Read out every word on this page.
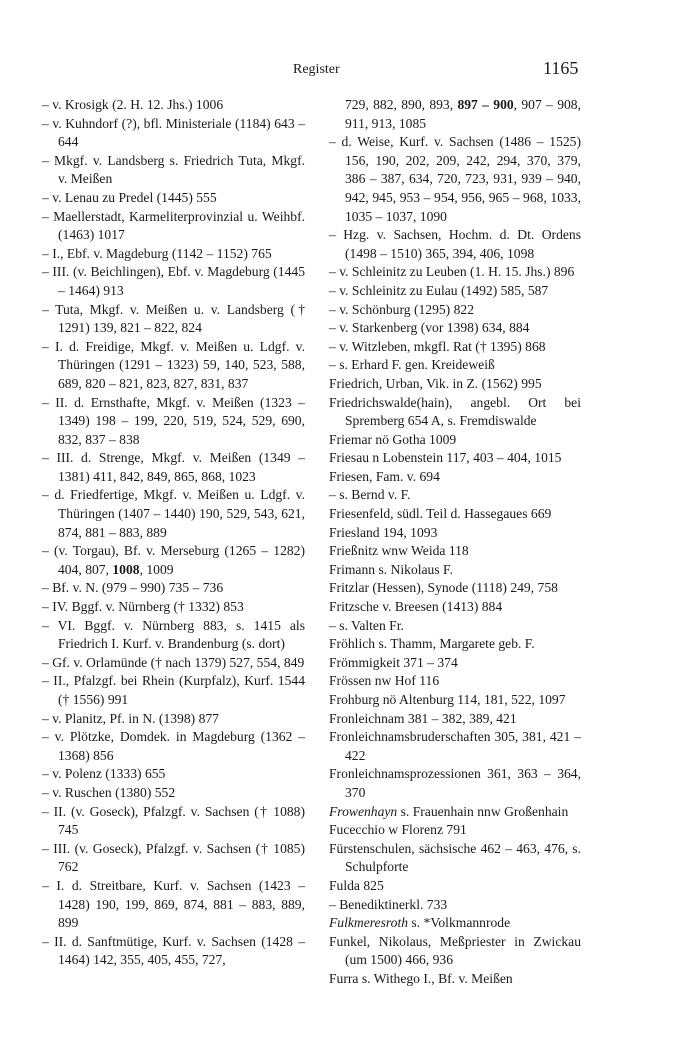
Register	1165

– v. Krosigk (2. H. 12. Jhs.) 1006

– v. Kuhndorf (?), bfl. Ministeriale (1184) 643 – 644

– Mkgf. v. Landsberg s. Friedrich Tuta, Mkgf. v. Meißen

– v. Lenau zu Predel (1445) 555

– Maellerstadt, Karmeliterprovinzial u. Weihbf. (1463) 1017

– I., Ebf. v. Magdeburg (1142 – 1152) 765

– III. (v. Beichlingen), Ebf. v. Magdeburg (1445 – 1464) 913

– Tuta, Mkgf. v. Meißen u. v. Landsberg († 1291) 139, 821 – 822, 824

– I. d. Freidige, Mkgf. v. Meißen u. Ldgf. v. Thüringen (1291 – 1323) 59, 140, 523, 588, 689, 820 – 821, 823, 827, 831, 837

– II. d. Ernsthafte, Mkgf. v. Meißen (1323 – 1349) 198 – 199, 220, 519, 524, 529, 690, 832, 837 – 838

– III. d. Strenge, Mkgf. v. Meißen (1349 – 1381) 411, 842, 849, 865, 868, 1023

– d. Friedfertige, Mkgf. v. Meißen u. Ldgf. v. Thüringen (1407 – 1440) 190, 529, 543, 621, 874, 881 – 883, 889

– (v. Torgau), Bf. v. Merseburg (1265 – 1282) 404, 807, 1008, 1009

– Bf. v. N. (979 – 990) 735 – 736

– IV. Bggf. v. Nürnberg († 1332) 853

– VI. Bggf. v. Nürnberg 883, s. 1415 als Friedrich I. Kurf. v. Brandenburg (s. dort)

– Gf. v. Orlamünde († nach 1379) 527, 554, 849

– II., Pfalzgf. bei Rhein (Kurpfalz), Kurf. 1544 († 1556) 991

– v. Planitz, Pf. in N. (1398) 877

– v. Plötzke, Domdek. in Magdeburg (1362 – 1368) 856

– v. Polenz (1333) 655

– v. Ruschen (1380) 552

– II. (v. Goseck), Pfalzgf. v. Sachsen († 1088) 745

– III. (v. Goseck), Pfalzgf. v. Sachsen († 1085) 762

– I. d. Streitbare, Kurf. v. Sachsen (1423 – 1428) 190, 199, 869, 874, 881 – 883, 889, 899

– II. d. Sanftmütige, Kurf. v. Sachsen (1428 – 1464) 142, 355, 405, 455, 727,

729, 882, 890, 893, 897 – 900, 907 – 908, 911, 913, 1085

– d. Weise, Kurf. v. Sachsen (1486 – 1525) 156, 190, 202, 209, 242, 294, 370, 379, 386 – 387, 634, 720, 723, 931, 939 – 940, 942, 945, 953 – 954, 956, 965 – 968, 1033, 1035 – 1037, 1090

– Hzg. v. Sachsen, Hochm. d. Dt. Ordens (1498 – 1510) 365, 394, 406, 1098

– v. Schleinitz zu Leuben (1. H. 15. Jhs.) 896

– v. Schleinitz zu Eulau (1492) 585, 587

– v. Schönburg (1295) 822

– v. Starkenberg (vor 1398) 634, 884

– v. Witzleben, mkgfl. Rat († 1395) 868

– s. Erhard F. gen. Kreideweiß

Friedrich, Urban, Vik. in Z. (1562) 995

Friedrichswalde(hain), angebl. Ort bei Spremberg 654 A, s. Fremdiswalde

Friemar nö Gotha 1009

Friesau n Lobenstein 117, 403 – 404, 1015

Friesen, Fam. v. 694

– s. Bernd v. F.

Friesenfeld, südl. Teil d. Hassegaues 669

Friesland 194, 1093

Frießnitz wnw Weida 118

Frimann s. Nikolaus F.

Fritzlar (Hessen), Synode (1118) 249, 758

Fritzsche v. Breesen (1413) 884

– s. Valten Fr.

Fröhlich s. Thamm, Margarete geb. F.

Frömmigkeit 371 – 374

Frössen nw Hof 116

Frohburg nö Altenburg 114, 181, 522, 1097

Fronleichnam 381 – 382, 389, 421

Fronleichnamsbruderschaften 305, 381, 421 – 422

Fronleichnamsprozessionen 361, 363 – 364, 370

Frowenhayn s. Frauenhain nnw Großenhain

Fucecchio w Florenz 791

Fürstenschulen, sächsische 462 – 463, 476, s. Schulpforte

Fulda 825

– Benediktinerkl. 733

Fulkmeresroth s. *Volkmannrode

Funkel, Nikolaus, Meßpriester in Zwickau (um 1500) 466, 936

Furra s. Withego I., Bf. v. Meißen
